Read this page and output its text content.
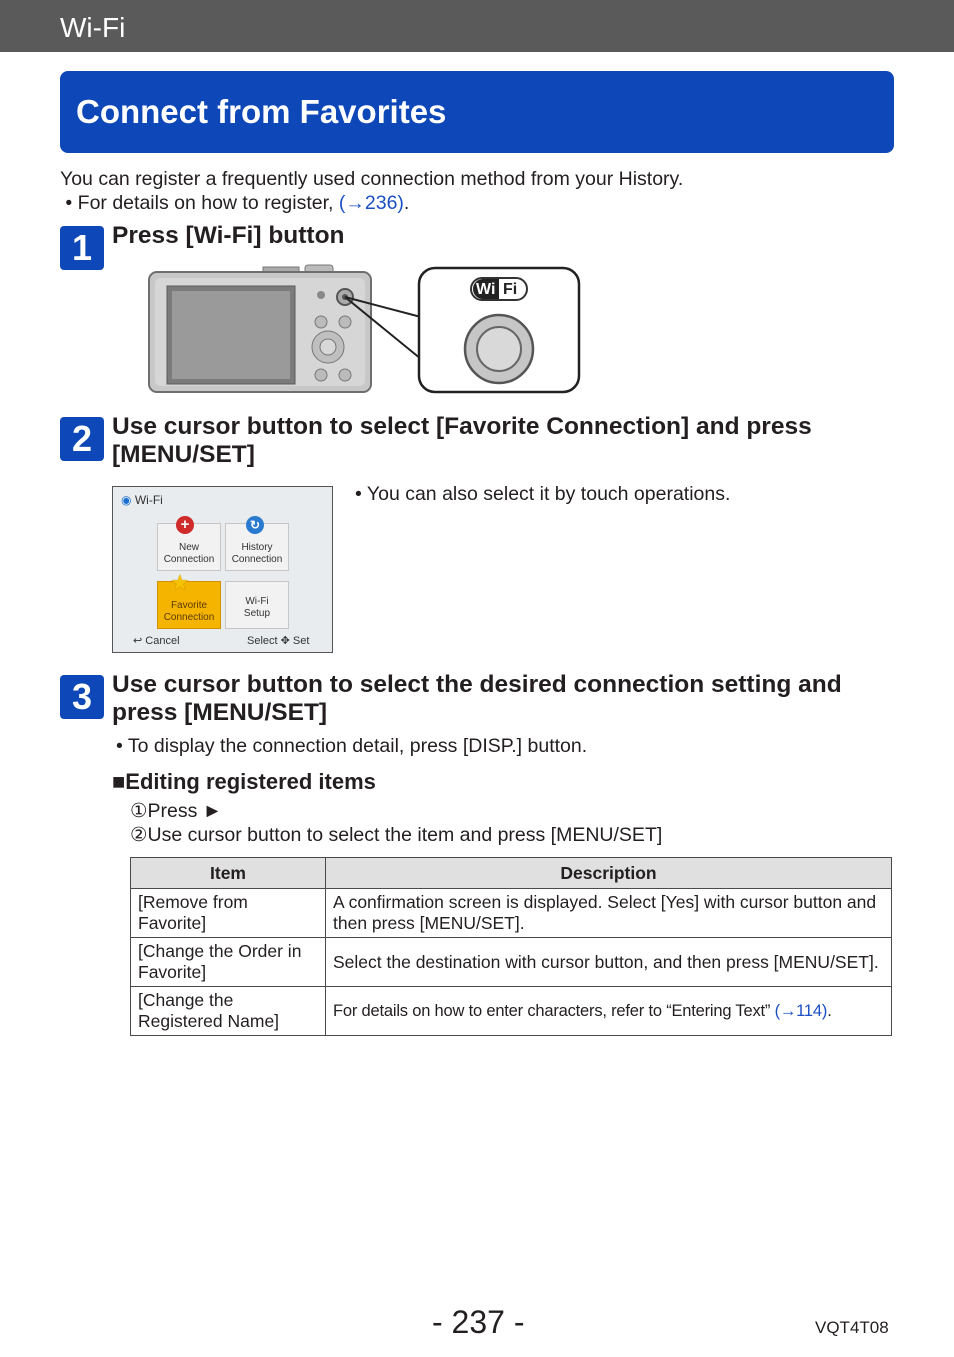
Wi-Fi
Connect from Favorites
You can register a frequently used connection method from your History.
• For details on how to register, (→236).
1 Press [Wi-Fi] button
Wi Fi
2 Use cursor button to select [Favorite Connection] and press
[MENU/SET]
◉ Wi-Fi
+
New
Connection
↻
History
Connection
★
Favorite
Connection
Wi-Fi
Setup
↩ Cancel	Select ✥ Set
• You can also select it by touch operations.
3 Use cursor button to select the desired connection setting and
press [MENU/SET]
• To display the connection detail, press [DISP.] button.
■Editing registered items
①Press ►
②Use cursor button to select the item and press [MENU/SET]
Item	Description
[Remove from Favorite]	A confirmation screen is displayed. Select [Yes] with cursor button and then press [MENU/SET].
[Change the Order in Favorite]	Select the destination with cursor button, and then press [MENU/SET].
[Change the Registered Name]	For details on how to enter characters, refer to “Entering Text” (→114).
- 237 -	VQT4T08
